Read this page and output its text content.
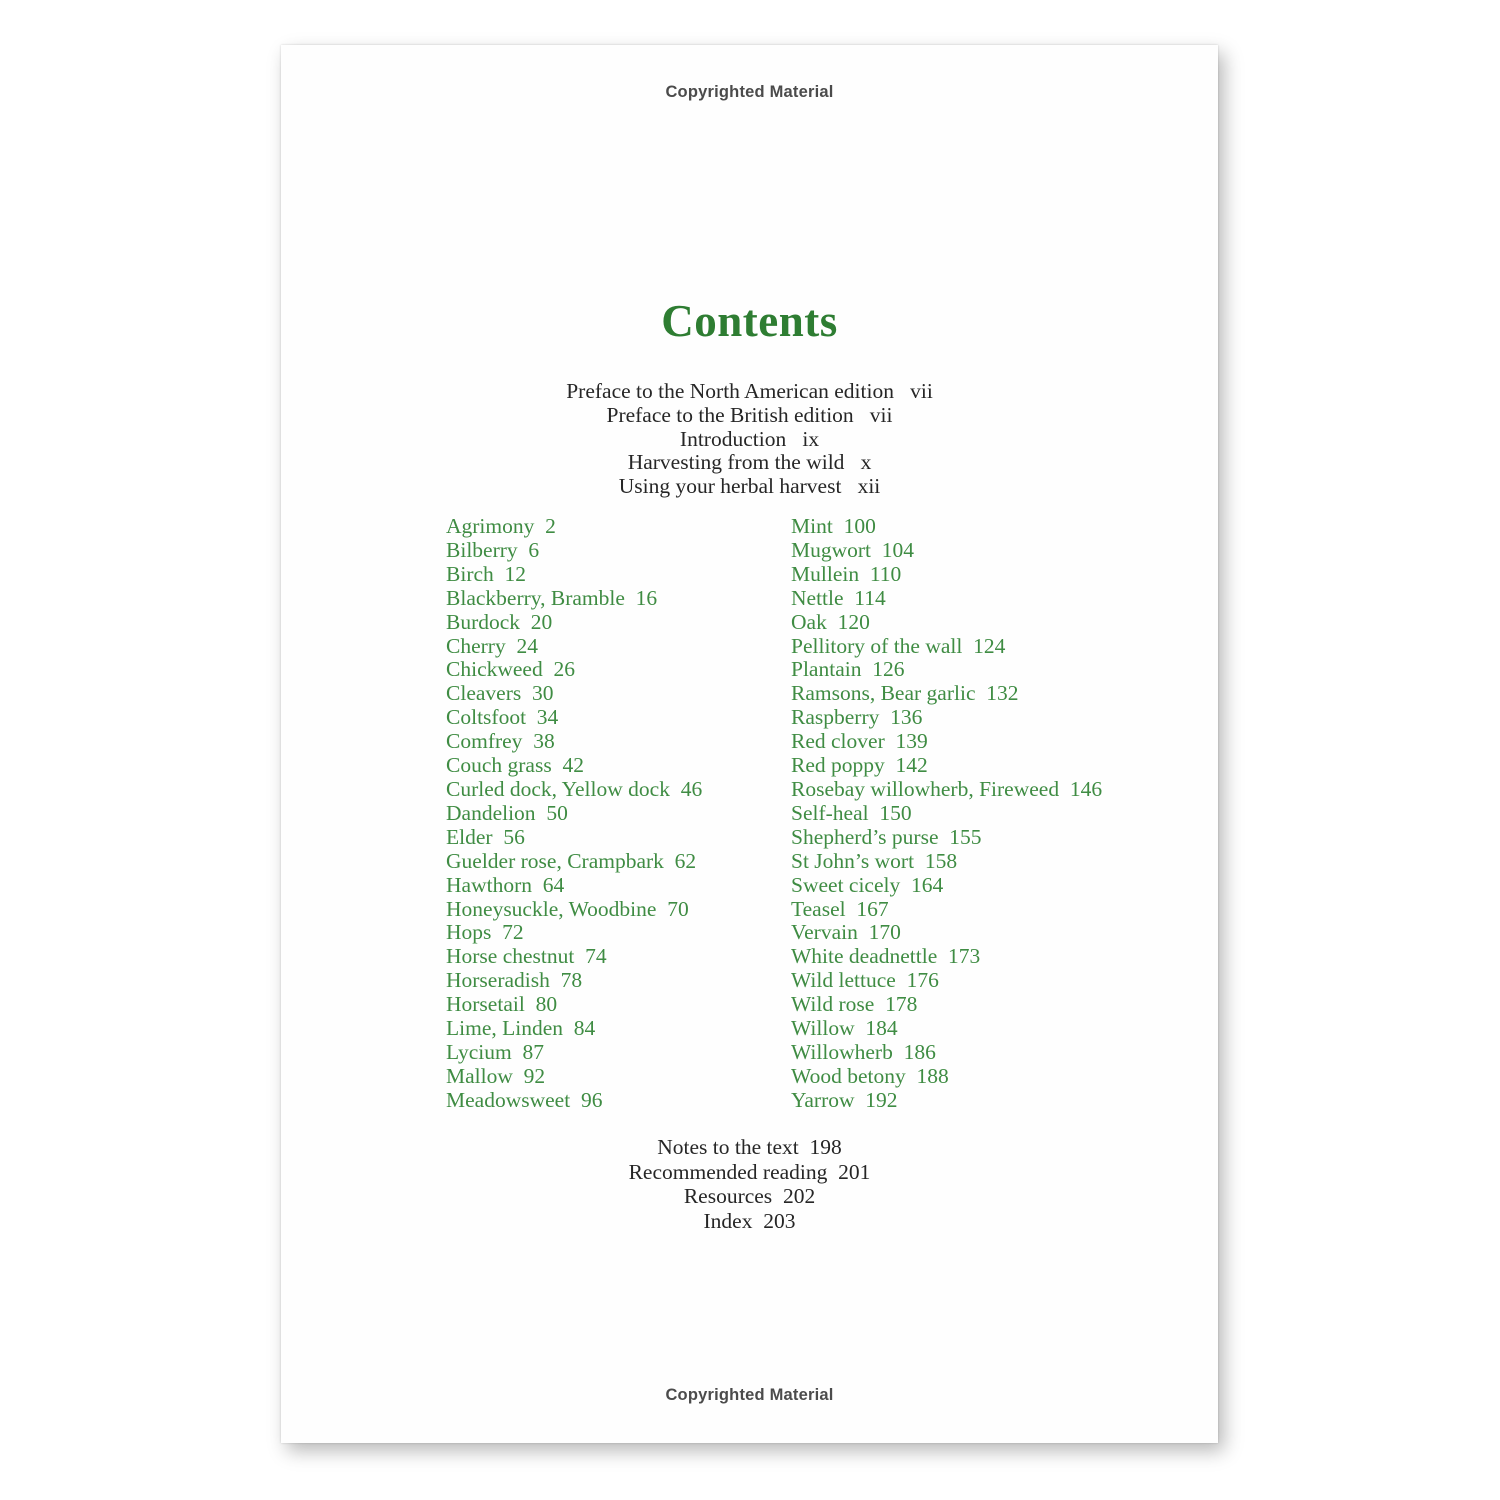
Copyrighted Material
Contents
Preface to the North American edition vii
Preface to the British edition vii
Introduction ix
Harvesting from the wild x
Using your herbal harvest xii
Agrimony 2
Bilberry 6
Birch 12
Blackberry, Bramble 16
Burdock 20
Cherry 24
Chickweed 26
Cleavers 30
Coltsfoot 34
Comfrey 38
Couch grass 42
Curled dock, Yellow dock 46
Dandelion 50
Elder 56
Guelder rose, Crampbark 62
Hawthorn 64
Honeysuckle, Woodbine 70
Hops 72
Horse chestnut 74
Horseradish 78
Horsetail 80
Lime, Linden 84
Lycium 87
Mallow 92
Meadowsweet 96
Mint 100
Mugwort 104
Mullein 110
Nettle 114
Oak 120
Pellitory of the wall 124
Plantain 126
Ramsons, Bear garlic 132
Raspberry 136
Red clover 139
Red poppy 142
Rosebay willowherb, Fireweed 146
Self-heal 150
Shepherd’s purse 155
St John’s wort 158
Sweet cicely 164
Teasel 167
Vervain 170
White deadnettle 173
Wild lettuce 176
Wild rose 178
Willow 184
Willowherb 186
Wood betony 188
Yarrow 192
Notes to the text 198
Recommended reading 201
Resources 202
Index 203
Copyrighted Material
